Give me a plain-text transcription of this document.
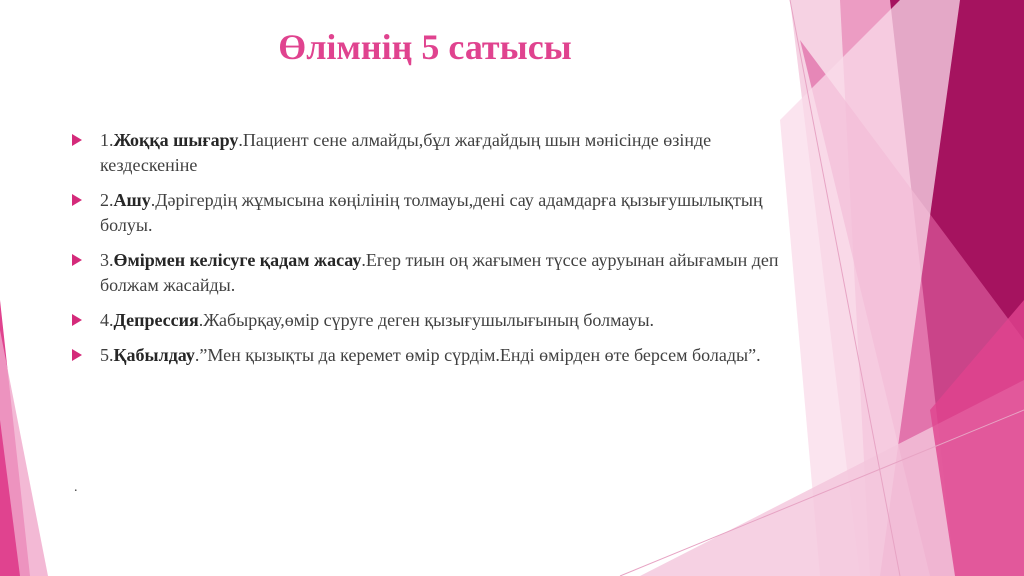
Өлімнің 5 сатысы
1.Жоққа шығару.Пациент сене алмайды,бұл жағдайдың шын мәнісінде өзінде кездескеніне
2.Ашу.Дәрігердің жұмысына көңілінің толмауы,дені сау адамдарға қызығушылықтың болуы.
3.Өмірмен келісуге қадам жасау.Егер тиын оң жағымен түссе ауруынан айығамын деп болжам жасайды.
4.Депрессия.Жабырқау,өмір сүруге деген қызығушылығының болмауы.
5.Қабылдау.”Мен қызықты да керемет өмір сүрдім.Енді өмірден өте берсем болады”.
.
